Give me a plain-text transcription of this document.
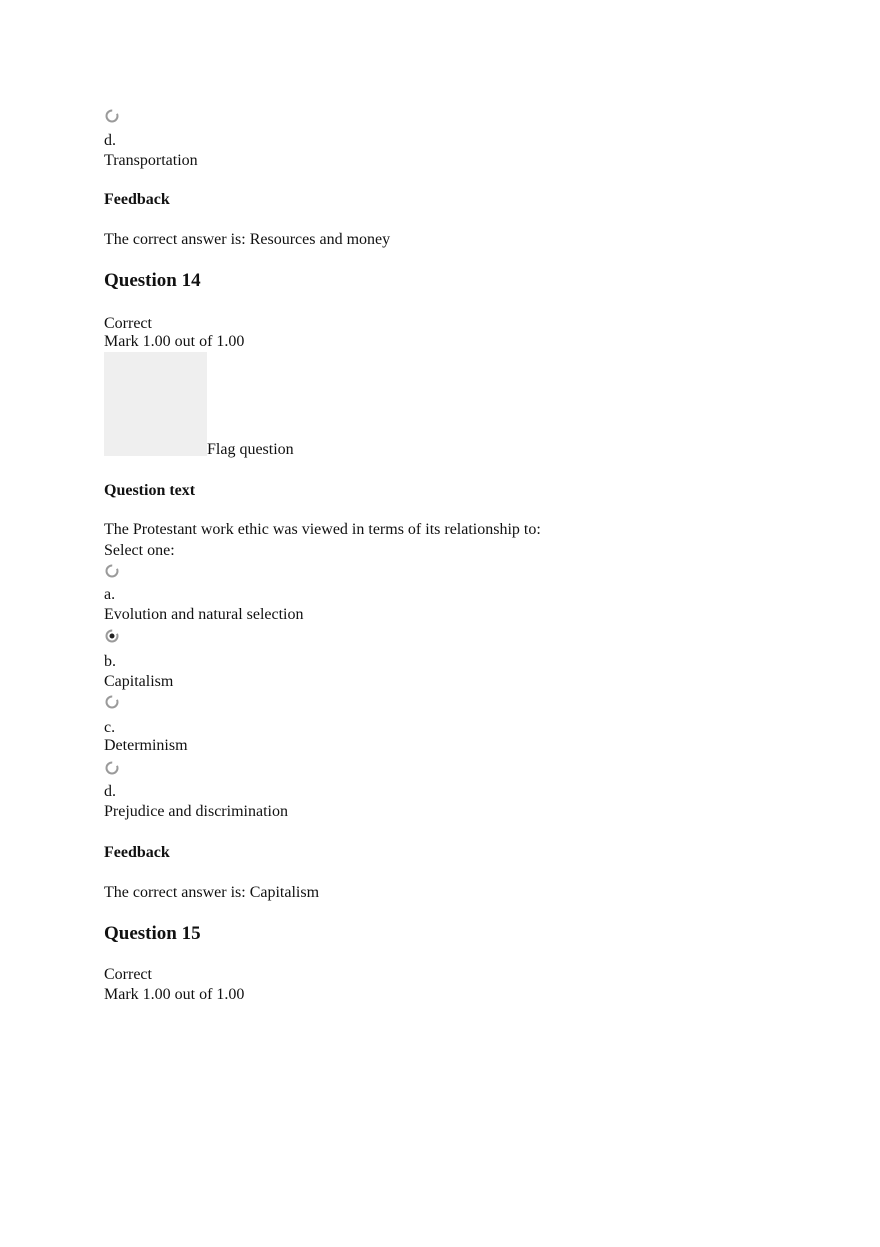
d.
Transportation
Feedback
The correct answer is: Resources and money
Question 14
Correct
Mark 1.00 out of 1.00
Flag question
Question text
The Protestant work ethic was viewed in terms of its relationship to:
Select one:
a.
Evolution and natural selection
b.
Capitalism
c.
Determinism
d.
Prejudice and discrimination
Feedback
The correct answer is: Capitalism
Question 15
Correct
Mark 1.00 out of 1.00
